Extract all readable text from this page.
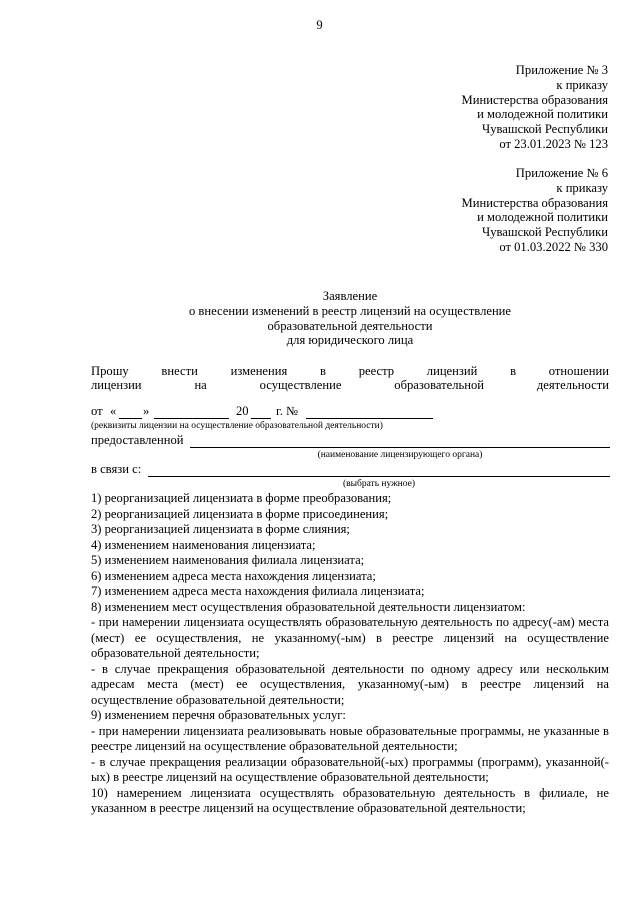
9
Приложение № 3
к приказу
Министерства образования
и молодежной политики
Чувашской Республики
от 23.01.2023 № 123
Приложение № 6
к приказу
Министерства образования
и молодежной политики
Чувашской Республики
от 01.03.2022 № 330
Заявление
о внесении изменений в реестр лицензий на осуществление
образовательной деятельности
для юридического лица
Прошу	внести	изменения	в	реестр	лицензий	в	отношении
лицензии	на	осуществление	образовательной	деятельности
от « »	20 г. №
(реквизиты лицензии на осуществление образовательной деятельности)
предоставленной
(наименование лицензирующего органа)
в связи с:
(выбрать нужное)
1) реорганизацией лицензиата в форме преобразования;
2) реорганизацией лицензиата в форме присоединения;
3) реорганизацией лицензиата в форме слияния;
4) изменением наименования лицензиата;
5) изменением наименования филиала лицензиата;
6) изменением адреса места нахождения лицензиата;
7) изменением адреса места нахождения филиала лицензиата;
8) изменением мест осуществления образовательной деятельности лицензиатом:
- при намерении лицензиата осуществлять образовательную деятельность по адресу(-ам) места (мест) ее осуществления, не указанному(-ым) в реестре лицензий на осуществление образовательной деятельности;
- в случае прекращения образовательной деятельности по одному адресу или нескольким адресам места (мест) ее осуществления, указанному(-ым) в реестре лицензий на осуществление образовательной деятельности;
9) изменением перечня образовательных услуг:
- при намерении лицензиата реализовывать новые образовательные программы, не указанные в реестре лицензий на осуществление образовательной деятельности;
- в случае прекращения реализации образовательной(-ых) программы (программ), указанной(-ых) в реестре лицензий на осуществление образовательной деятельности;
10) намерением лицензиата осуществлять образовательную деятельность в филиале, не указанном в реестре лицензий на осуществление образовательной деятельности;
